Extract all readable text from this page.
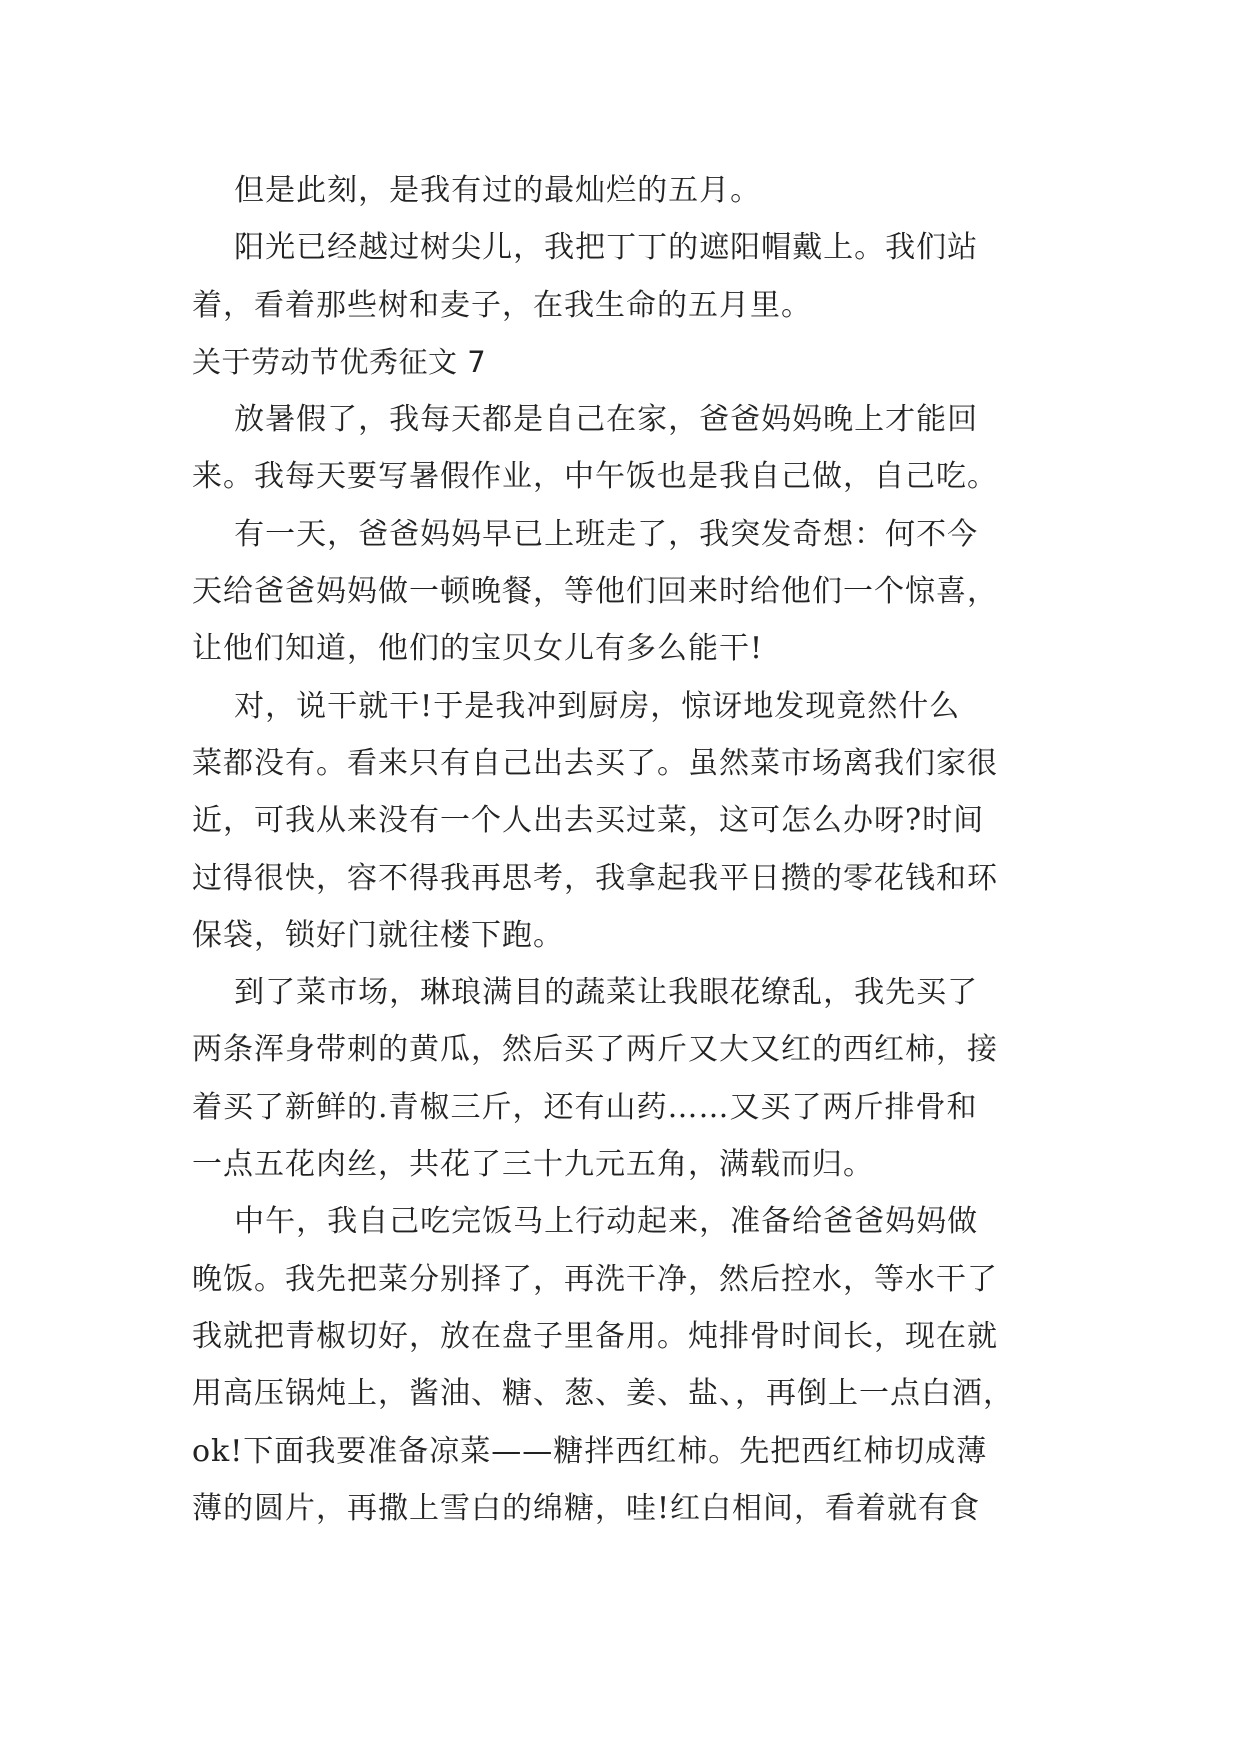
但是此刻，是我有过的最灿烂的五月。
阳光已经越过树尖儿，我把丁丁的遮阳帽戴上。我们站
着，看着那些树和麦子，在我生命的五月里。
关于劳动节优秀征文 7
放暑假了，我每天都是自己在家，爸爸妈妈晚上才能回
来。我每天要写暑假作业，中午饭也是我自己做，自己吃。
有一天，爸爸妈妈早已上班走了，我突发奇想：何不今
天给爸爸妈妈做一顿晚餐，等他们回来时给他们一个惊喜，
让他们知道，他们的宝贝女儿有多么能干!
对，说干就干!于是我冲到厨房，惊讶地发现竟然什么
菜都没有。看来只有自己出去买了。虽然菜市场离我们家很
近，可我从来没有一个人出去买过菜，这可怎么办呀?时间
过得很快，容不得我再思考，我拿起我平日攒的零花钱和环
保袋，锁好门就往楼下跑。
到了菜市场，琳琅满目的蔬菜让我眼花缭乱，我先买了
两条浑身带刺的黄瓜，然后买了两斤又大又红的西红柿，接
着买了新鲜的.青椒三斤，还有山药……又买了两斤排骨和
一点五花肉丝，共花了三十九元五角，满载而归。
中午，我自己吃完饭马上行动起来，准备给爸爸妈妈做
晚饭。我先把菜分别择了，再洗干净，然后控水，等水干了
我就把青椒切好，放在盘子里备用。炖排骨时间长，现在就
用高压锅炖上，酱油、糖、葱、姜、盐、，再倒上一点白酒，
ok!下面我要准备凉菜——糖拌西红柿。先把西红柿切成薄
薄的圆片，再撒上雪白的绵糖，哇!红白相间，看着就有食
